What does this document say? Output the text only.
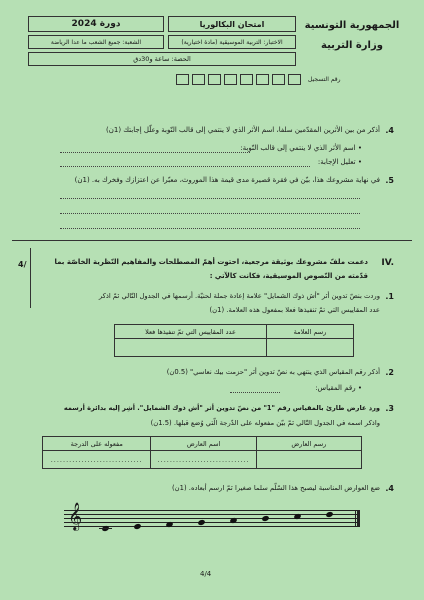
دورة 2024	امتحان البكالوريا
الشعبة: جميع الشعب ما عدا الرياضة	الاختبار: التربية الموسيقية (مادة اختيارية)
الحصة: ساعة و30دق
الجمهورية التونسية
وزارة التربية
رقم التسجيل
4.
أذكر من بين الأثرين المقدّمين سلفا، اسم الأثر الذي لا ينتمي إلى قالب النّوبة وعلّل إجابتك (1ن)
• اسم الأثر الذي لا ينتمي إلى قالب النّوبة:
• تعليل الإجابة:
5.
في نهاية مشروعك هذا، بيّن في فقرة قصيرة مدى قيمة هذا الموروث، معبّرا عن اعتزازك وفخرك به. (1ن)
/4	IV.
دعمت ملفّ مشروعك بوثيقة مرجعية، احتوت أهمّ المصطلحات والمفاهيم النّظرية الخاصّة بما
قدّمته من النّصوص الموسيقية، فكانت كالآتي :
1.
وردت بنصّ تدوين أثر "أش ذوك الشمايل" علامة إعادة جملة لحنيّة. أرسمها في الجدول التّالي ثمّ اذكر
عدد المقاييس التي تمّ تنفيذها فعلا بمفعول هذه العلامة. (1ن)
رسم العلامة	عدد المقاييس التي تمّ تنفيذها فعلا

2.
أذكر رقم المقياس الذي ينتهي به نصّ تدوين أثر "حزمت بيك نعاسي" (0.5ن)
• رقم المقياس:
3.
ورد عارض طارئ بالمقياس رقم "1" من نصّ تدوين أثر "أش ذوك الشمايل". أشِر إليه بدائرة أرسمه
واذكر اسمه في الجدول التّالي ثمّ بيّن مفعوله على الدّرجة الّتي وُضع قبلها. (1.5ن)
رسم العارض	اسم العارض	مفعوله على الدرجة
	..............................	..............................
4.
ضع العوارض المناسبة ليصبح هذا السّلّم سلما صغيرا ثمّ ارسم أبعاده. (1ن)
𝄞
4/4
